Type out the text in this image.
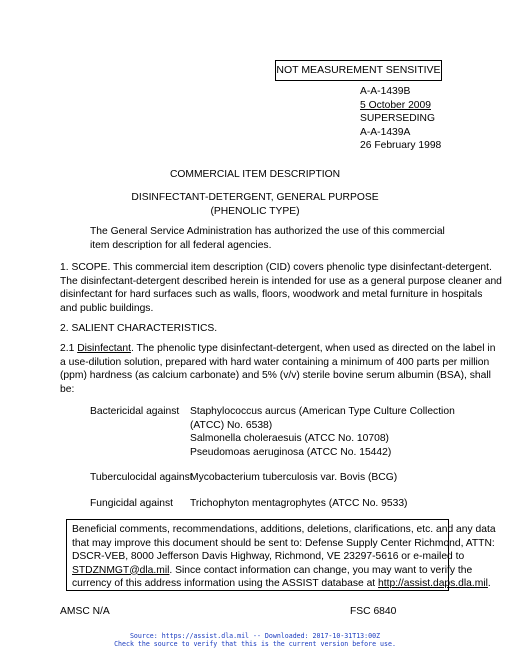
NOT MEASUREMENT SENSITIVE
A-A-1439B
5 October 2009
SUPERSEDING
A-A-1439A
26 February 1998
COMMERCIAL ITEM DESCRIPTION
DISINFECTANT-DETERGENT, GENERAL PURPOSE
(PHENOLIC TYPE)
The General Service Administration has authorized the use of this commercial
item description for all federal agencies.
1. SCOPE. This commercial item description (CID) covers phenolic type disinfectant-detergent.
The disinfectant-detergent described herein is intended for use as a general purpose cleaner and
disinfectant for hard surfaces such as walls, floors, woodwork and metal furniture in hospitals
and public buildings.
2. SALIENT CHARACTERISTICS.
2.1 Disinfectant. The phenolic type disinfectant-detergent, when used as directed on the label in
a use-dilution solution, prepared with hard water containing a minimum of 400 parts per million
(ppm) hardness (as calcium carbonate) and 5% (v/v) sterile bovine serum albumin (BSA), shall
be:
Bactericidal against Staphylococcus aurcus (American Type Culture Collection
(ATCC) No. 6538)
Salmonella choleraesuis (ATCC No. 10708)
Pseudomoas aeruginosa (ATCC No. 15442)
Tuberculocidal against
Mycobacterium tuberculosis var. Bovis (BCG)
Fungicidal against Trichophyton mentagrophytes (ATCC No. 9533)
Beneficial comments, recommendations, additions, deletions, clarifications, etc. and any data
that may improve this document should be sent to: Defense Supply Center Richmond, ATTN:
DSCR-VEB, 8000 Jefferson Davis Highway, Richmond, VE 23297-5616 or e-mailed to
STDZNMGT@dla.mil. Since contact information can change, you may want to verify the
currency of this address information using the ASSIST database at http://assist.daps.dla.mil.
AMSC N/A	FSC 6840
Source: https://assist.dla.mil -- Downloaded: 2017-10-31T13:00Z
Check the source to verify that this is the current version before use.
